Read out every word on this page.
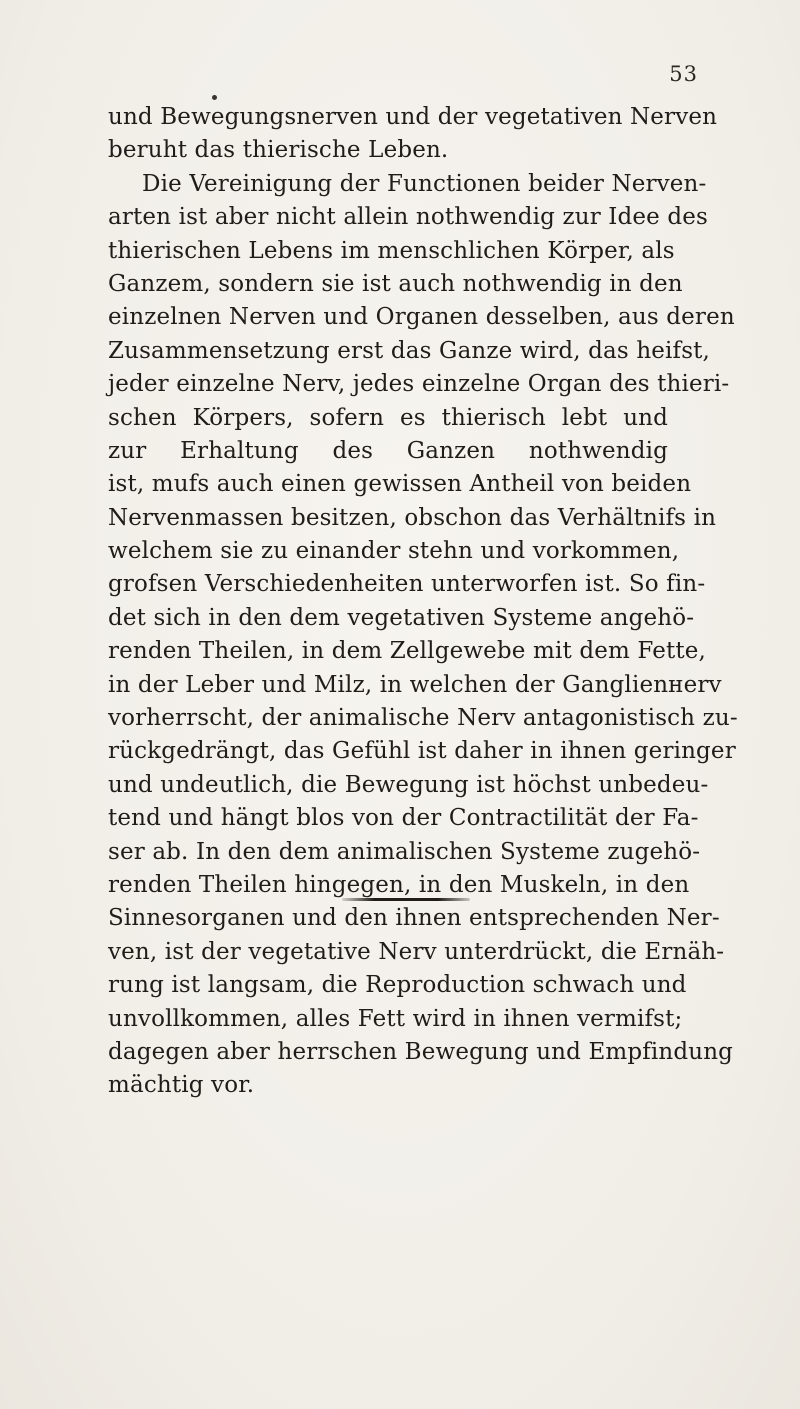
53
und Bewegungsnerven und der vegetativen Nerven
beruht das thierische Leben.
Die Vereinigung der Functionen beider Nerven-
arten ist aber nicht allein nothwendig zur Idee des
thierischen Lebens im menschlichen Körper, als
Ganzem, sondern sie ist auch nothwendig in den
einzelnen Nerven und Organen desselben, aus deren
Zusammensetzung erst das Ganze wird, das heifst,
jeder einzelne Nerv, jedes einzelne Organ des thieri-
schen Körpers, sofern es thierisch lebt und
zur Erhaltung des Ganzen nothwendig
ist, mufs auch einen gewissen Antheil von beiden
Nervenmassen besitzen, obschon das Verhältnifs in
welchem sie zu einander stehn und vorkommen,
grofsen Verschiedenheiten unterworfen ist. So fin-
det sich in den dem vegetativen Systeme angehö-
renden Theilen, in dem Zellgewebe mit dem Fette,
in der Leber und Milz, in welchen der Ganglienнerv
vorherrscht, der animalische Nerv antagonistisch zu-
rückgedrängt, das Gefühl ist daher in ihnen geringer
und undeutlich, die Bewegung ist höchst unbedeu-
tend und hängt blos von der Contractilität der Fa-
ser ab. In den dem animalischen Systeme zugehö-
renden Theilen hingegen, in den Muskeln, in den
Sinnesorganen und den ihnen entsprechenden Ner-
ven, ist der vegetative Nerv unterdrückt, die Ernäh-
rung ist langsam, die Reproduction schwach und
unvollkommen, alles Fett wird in ihnen vermifst;
dagegen aber herrschen Bewegung und Empfindung
mächtig vor.
